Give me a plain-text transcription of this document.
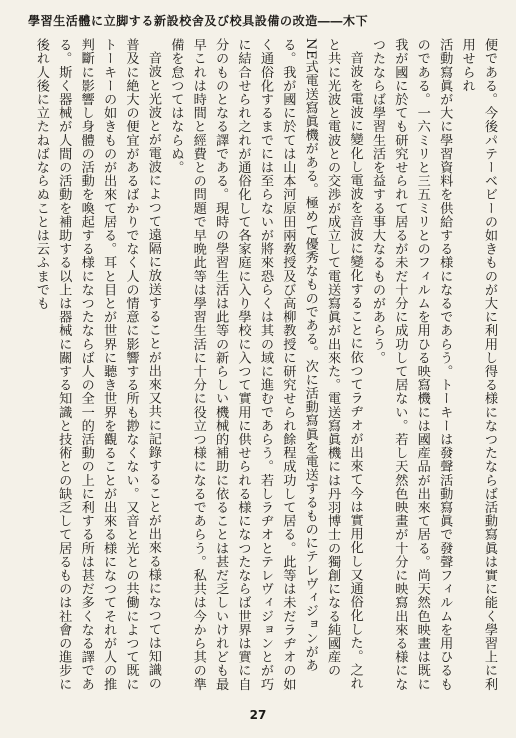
學習生活體に立脚する新設校舍及び校具設備の改造――木下

便である。今後パテーベビーの如きものが大に利用し得る様になつたならば活動寫眞は實に能く學習上に利用せられ

活動寫眞が大に學習資料を供給する様になるであらう。トーキーは發聲活動寫眞で發聲フィルムを用ひるものである。一六ミリと三五ミリとのフィルムを用ひる映寫機には國産品が出來て居る。尚天然色映畫は既に我が國に於ても研究せられて居るが未だ十分に成功して居ない。若し天然色映畫が十分に映寫出來る様になつたならば學習生活を益する事大なるものがあらう。

音波を電波に變化し電波を音波に變化することに依つてラヂオが出來て今は實用化し又通俗化した。之れと共に光波と電波との交渉が成立して電送寫眞が出來た。電送寫眞機には丹羽博士の獨創になる純國産のNE式電送寫眞機がある。極めて優秀なものである。次に活動寫眞を電送するものにテレヴィジョンがある。我が國に於ては山本河原田兩敎授及び高柳教授に研究せられ餘程成功して居る。此等は未だラヂオの如く通俗化するまでには至らないが將來恐らくは其の域に進むであらう。若しラヂオとテレヴィジョンとが巧に結合せられ之れが通俗化して各家庭に入り學校に入つて實用に供せられる様になつたならば世界は實に自分のものとなる譯である。現時の學習生活は此等の新らしい機械的補助に依ることは甚だ乏しいけれども最早これは時間と經費との問題で早晩此等は學習生活に十分に役立つ様になるであらう。私共は今から其の準備を怠つてはならぬ。

音波と光波とが電波によつて遠隔に放送することが出來又共に記錄することが出來る様になつては知識の普及に絶大の便宜があるばかりでなく人の情意に影響する所も尠なくない。又音と光との共働によつて既にトーキーの如きものが出來て居る。耳と目とが世界に聽き世界を觀ることが出來る様になつてそれが人の推判斷に影響し身體の活動を喚起する様になつたならば人の全一的活動の上に利する所は甚だ多くなる譯である。斯く器械が人間の活動を補助する以上は器械に關する知識と技術との缺乏して居るものは社會の進步に後れ人後に立たねばならぬことは云ふまでも

27
